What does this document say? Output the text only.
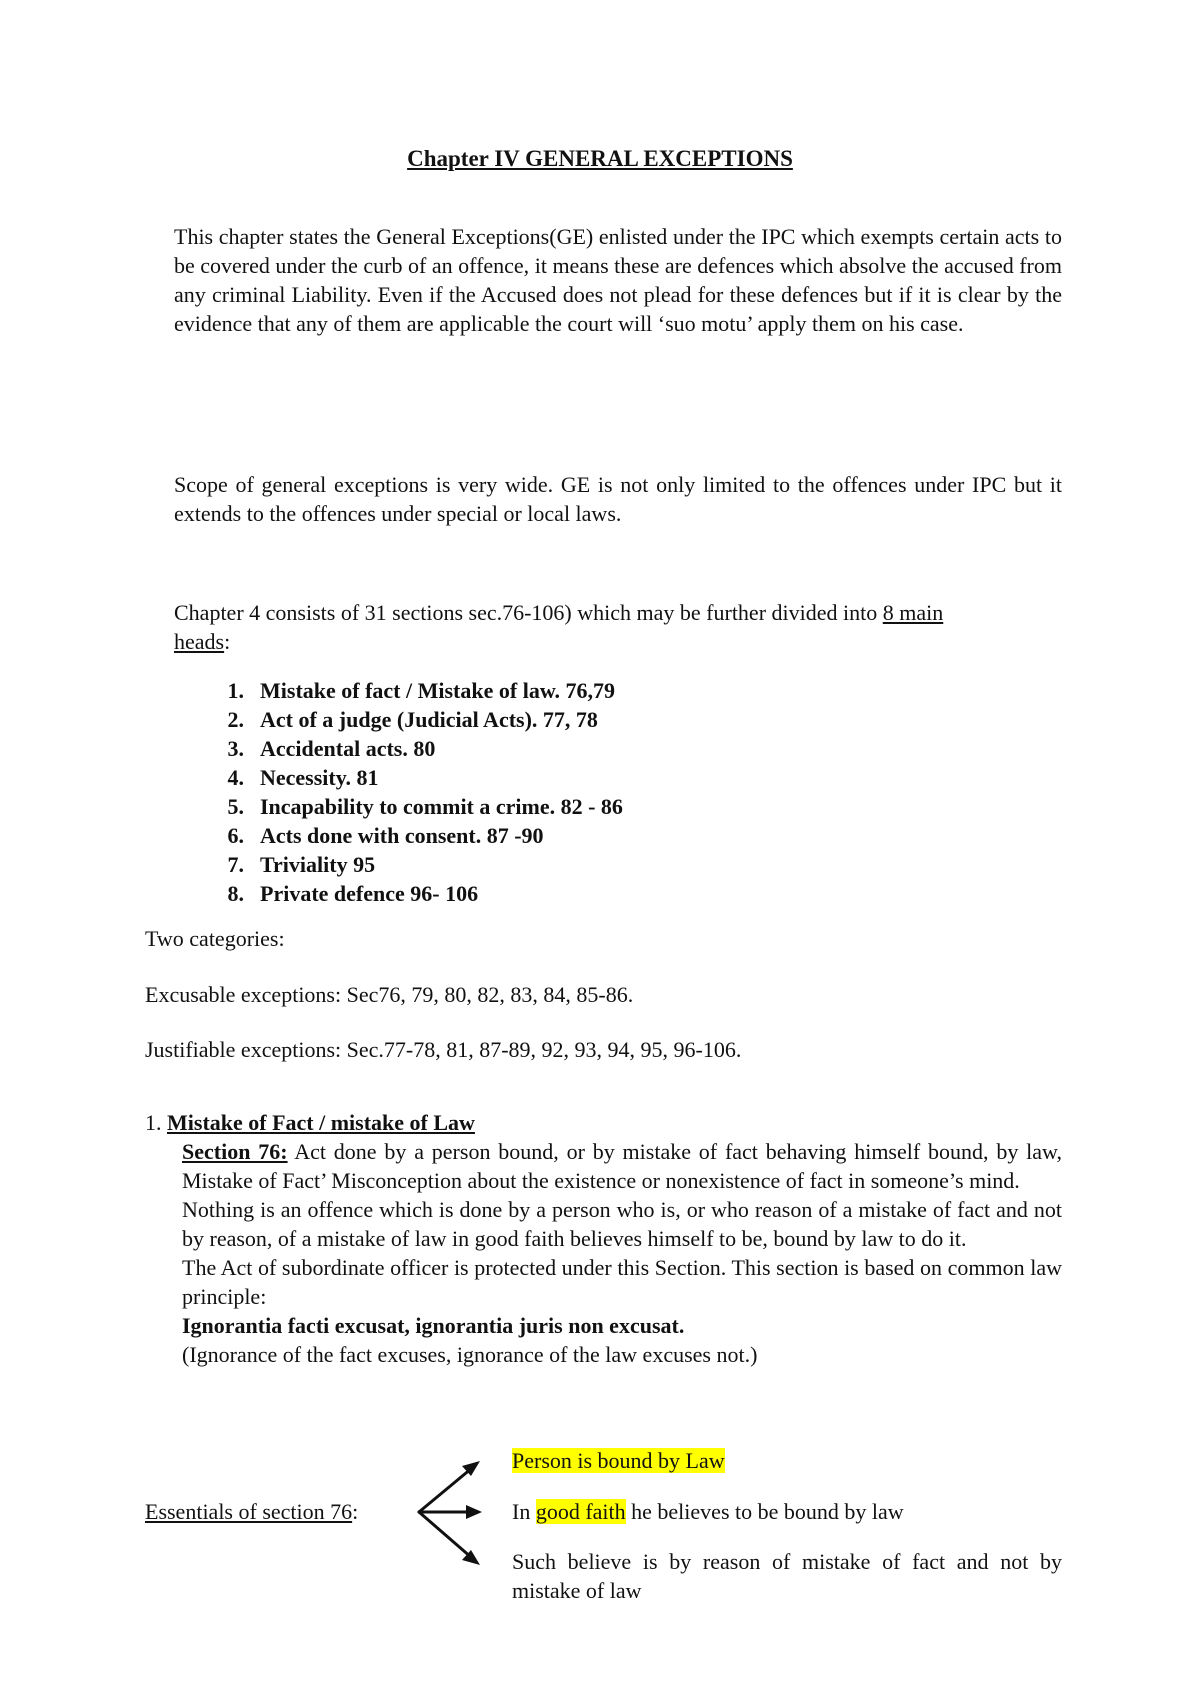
Chapter IV GENERAL EXCEPTIONS
This chapter states the General Exceptions(GE) enlisted under the IPC which exempts certain acts to be covered under the curb of an offence, it means these are defences which absolve the accused from any criminal Liability. Even if the Accused does not plead for these defences but if it is clear by the evidence that any of them are applicable the court will ‘suo motu’ apply them on his case.
Scope of general exceptions is very wide. GE is not only limited to the offences under IPC but it extends to the offences under special or local laws.
Chapter 4 consists of 31 sections sec.76-106) which may be further divided into 8 main
heads:
1. Mistake of fact / Mistake of law. 76,79
2. Act of a judge (Judicial Acts). 77, 78
3. Accidental acts. 80
4. Necessity. 81
5. Incapability to commit a crime. 82 - 86
6. Acts done with consent. 87 -90
7. Triviality 95
8. Private defence 96- 106
Two categories:
Excusable exceptions: Sec76, 79, 80, 82, 83, 84, 85-86.
Justifiable exceptions: Sec.77-78, 81, 87-89, 92, 93, 94, 95, 96-106.
1. Mistake of Fact / mistake of Law
Section 76: Act done by a person bound, or by mistake of fact behaving himself bound, by law, Mistake of Fact’ Misconception about the existence or nonexistence of fact in someone’s mind.
Nothing is an offence which is done by a person who is, or who reason of a mistake of fact and not by reason, of a mistake of law in good faith believes himself to be, bound by law to do it.
The Act of subordinate officer is protected under this Section. This section is based on common law principle:
Ignorantia facti excusat, ignorantia juris non excusat.
(Ignorance of the fact excuses, ignorance of the law excuses not.)
Essentials of section 76:
Person is bound by Law
In good faith he believes to be bound by law
Such believe is by reason of mistake of fact and not by mistake of law
